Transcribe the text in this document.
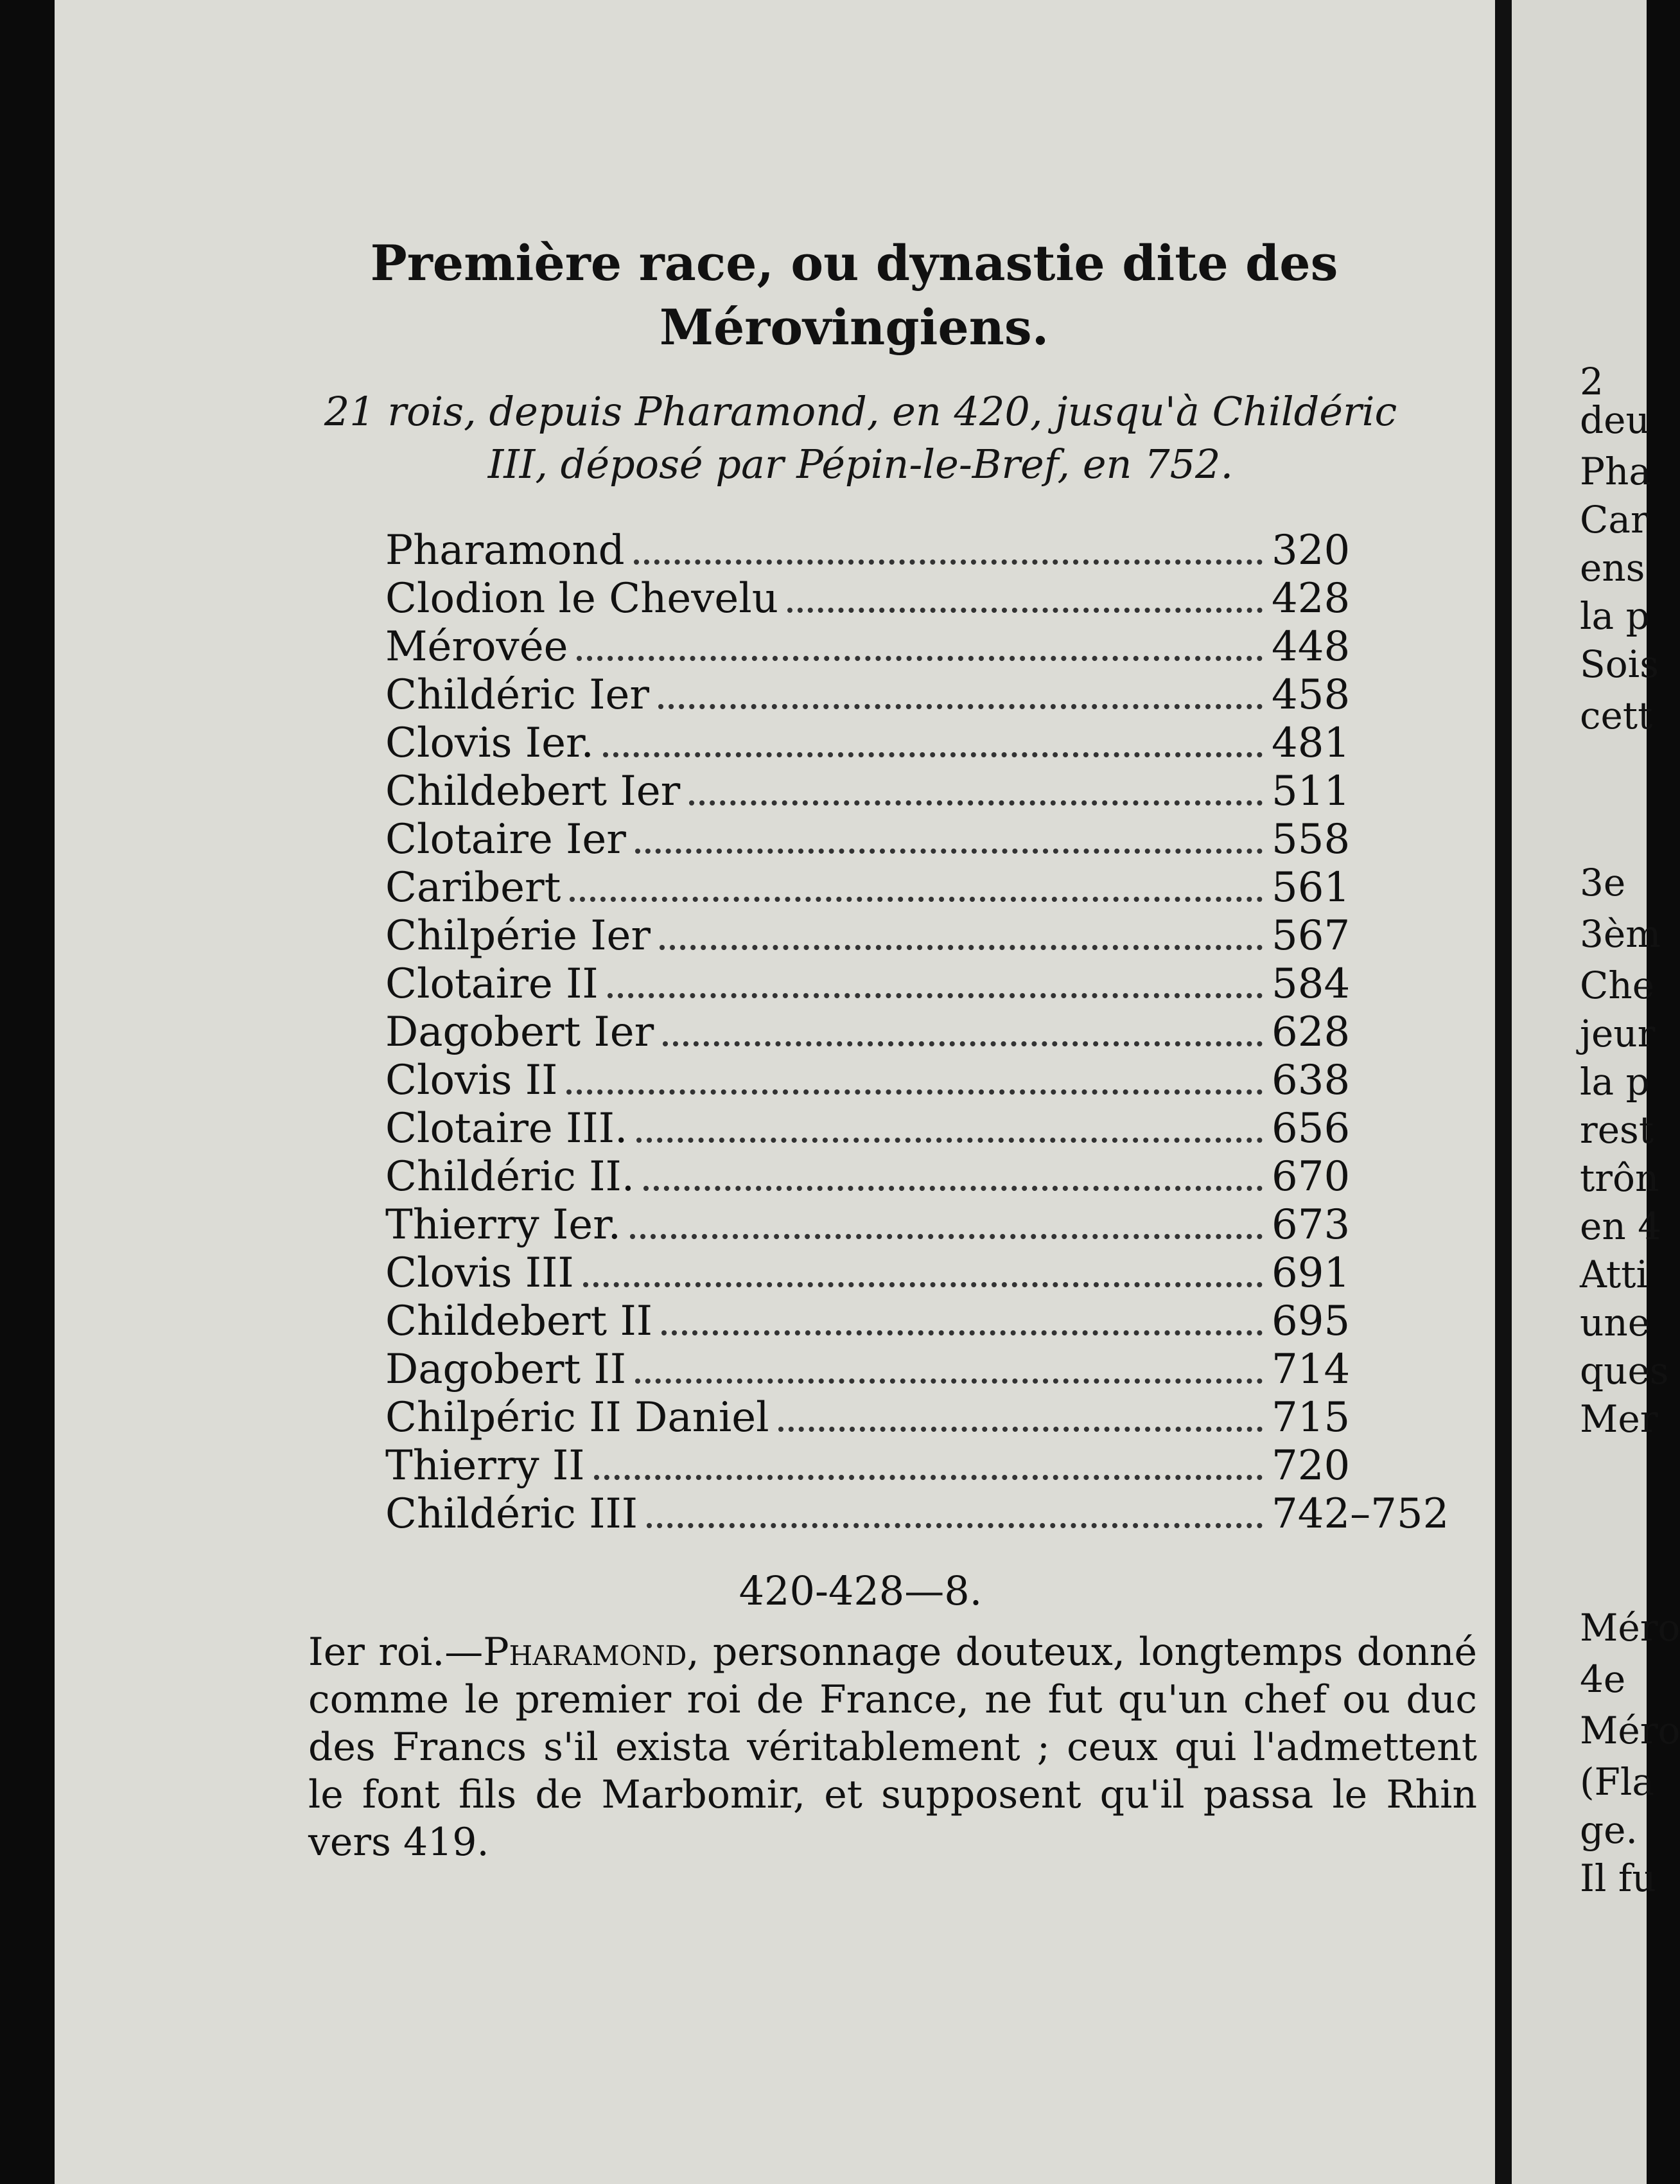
Première race, ou dynastie dite des
Mérovingiens.
21 rois, depuis Pharamond, en 420, jusqu'à Childéric
III, déposé par Pépin-le-Bref, en 752.
Pharamond	320
Clodion le Chevelu	428
Mérovée	448
Childéric Ier	458
Clovis Ier.	481
Childebert Ier	511
Clotaire Ier	558
Caribert	561
Chilpérie Ier	567
Clotaire II	584
Dagobert Ier	628
Clovis II	638
Clotaire III.	656
Childéric II.	670
Thierry Ier.	673
Clovis III	691
Childebert II	695
Dagobert II	714
Chilpéric II Daniel	715
Thierry II	720
Childéric III	742–752
420-428—8.
Ier roi.—Pharamond, personnage douteux, longtemps donné comme le premier roi de France, ne fut qu'un chef ou duc des Francs s'il exista véritablement ; ceux qui l'admettent le font fils de Marbomir, et supposent qu'il passa le Rhin vers 419.
2
deu
Pha
Car
ens
la p
Sois
cett
3e
3èm
Che
jeur
la p
rest
trôn
en 4
Atti
une
ques
Mer
Méro
4e
Méro
(Fla
ge.
Il fu
